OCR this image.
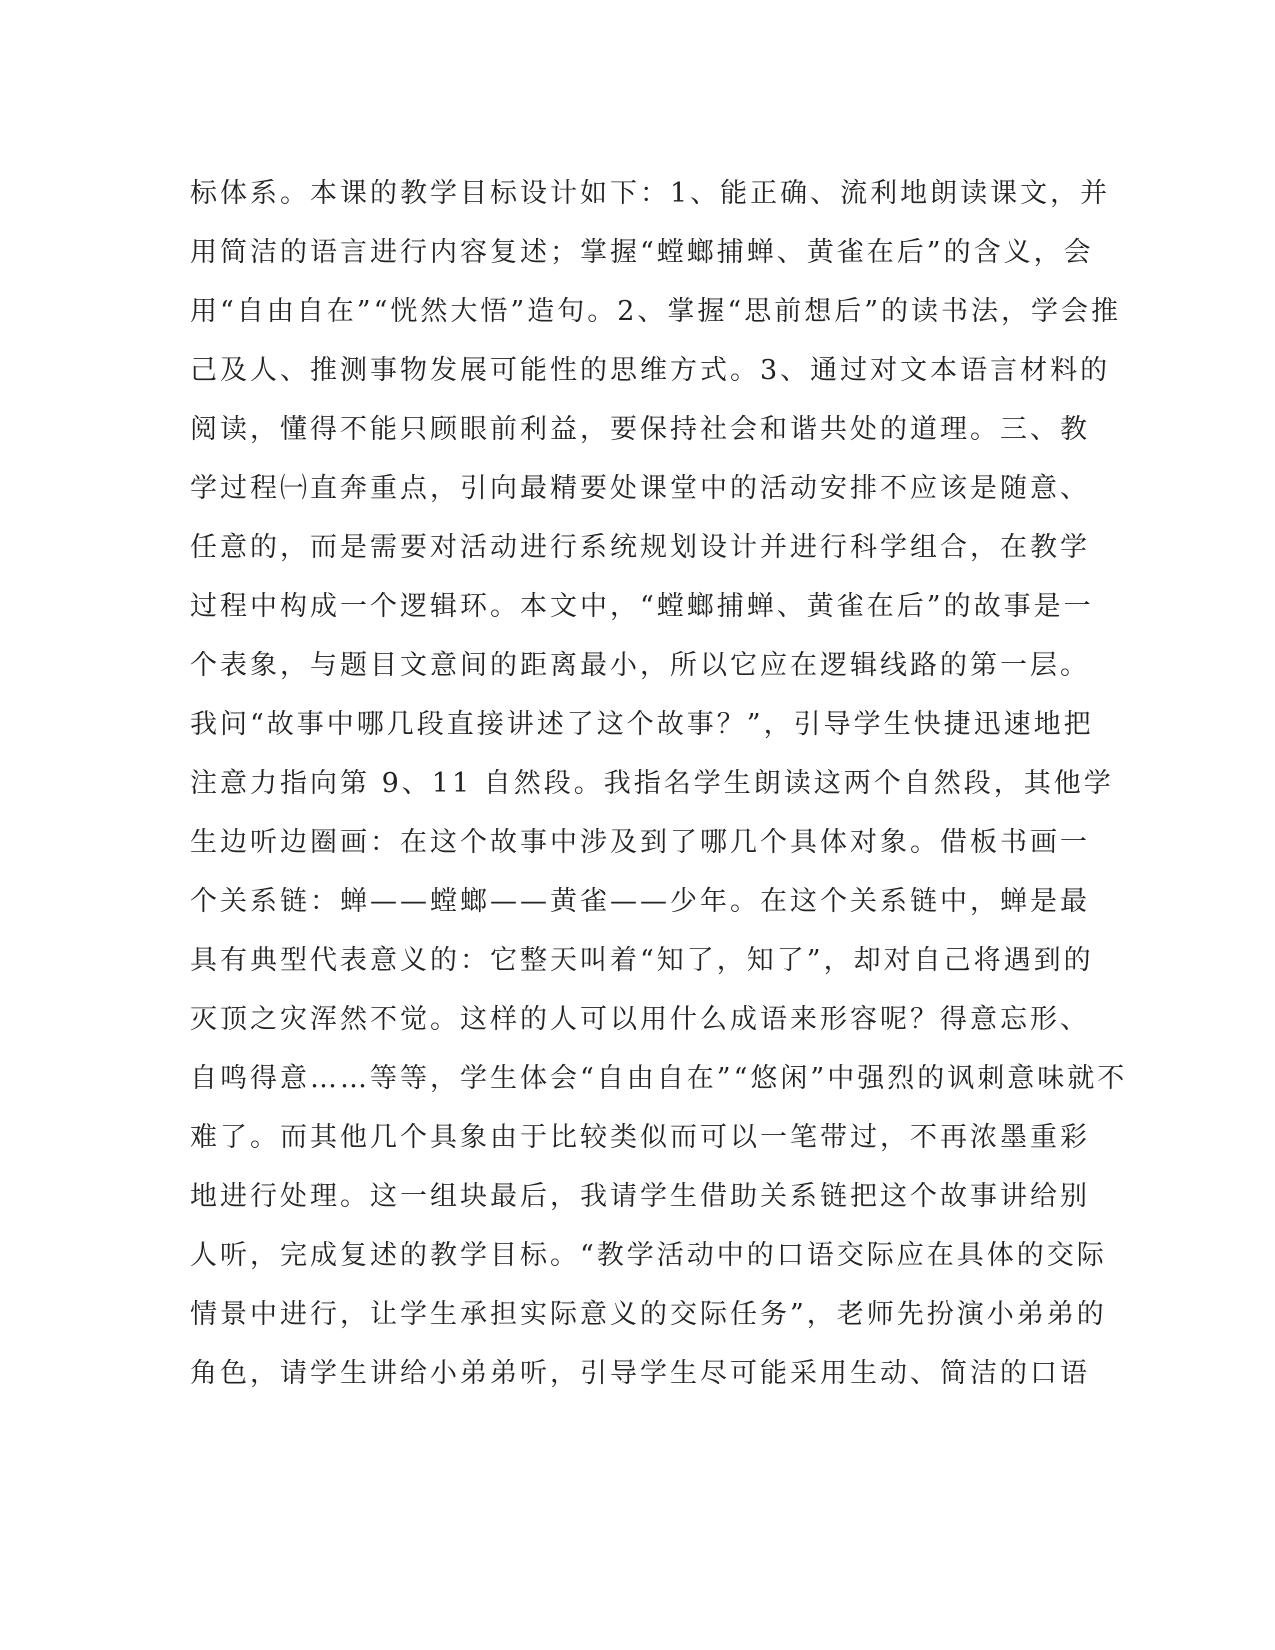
标体系。本课的教学目标设计如下：1、能正确、流利地朗读课文，并
用简洁的语言进行内容复述；掌握“螳螂捕蝉、黄雀在后”的含义，会
用“自由自在”“恍然大悟”造句。2、掌握“思前想后”的读书法，学会推
己及人、推测事物发展可能性的思维方式。3、通过对文本语言材料的
阅读，懂得不能只顾眼前利益，要保持社会和谐共处的道理。三、教
学过程㈠直奔重点，引向最精要处课堂中的活动安排不应该是随意、
任意的，而是需要对活动进行系统规划设计并进行科学组合，在教学
过程中构成一个逻辑环。本文中，“螳螂捕蝉、黄雀在后”的故事是一
个表象，与题目文意间的距离最小，所以它应在逻辑线路的第一层。
我问“故事中哪几段直接讲述了这个故事？”，引导学生快捷迅速地把
注意力指向第 9、11 自然段。我指名学生朗读这两个自然段，其他学
生边听边圈画：在这个故事中涉及到了哪几个具体对象。借板书画一
个关系链：蝉——螳螂——黄雀——少年。在这个关系链中，蝉是最
具有典型代表意义的：它整天叫着“知了，知了”，却对自己将遇到的
灭顶之灾浑然不觉。这样的人可以用什么成语来形容呢？得意忘形、
自鸣得意……等等，学生体会“自由自在”“悠闲”中强烈的讽刺意味就不
难了。而其他几个具象由于比较类似而可以一笔带过，不再浓墨重彩
地进行处理。这一组块最后，我请学生借助关系链把这个故事讲给别
人听，完成复述的教学目标。“教学活动中的口语交际应在具体的交际
情景中进行，让学生承担实际意义的交际任务”，老师先扮演小弟弟的
角色，请学生讲给小弟弟听，引导学生尽可能采用生动、简洁的口语
